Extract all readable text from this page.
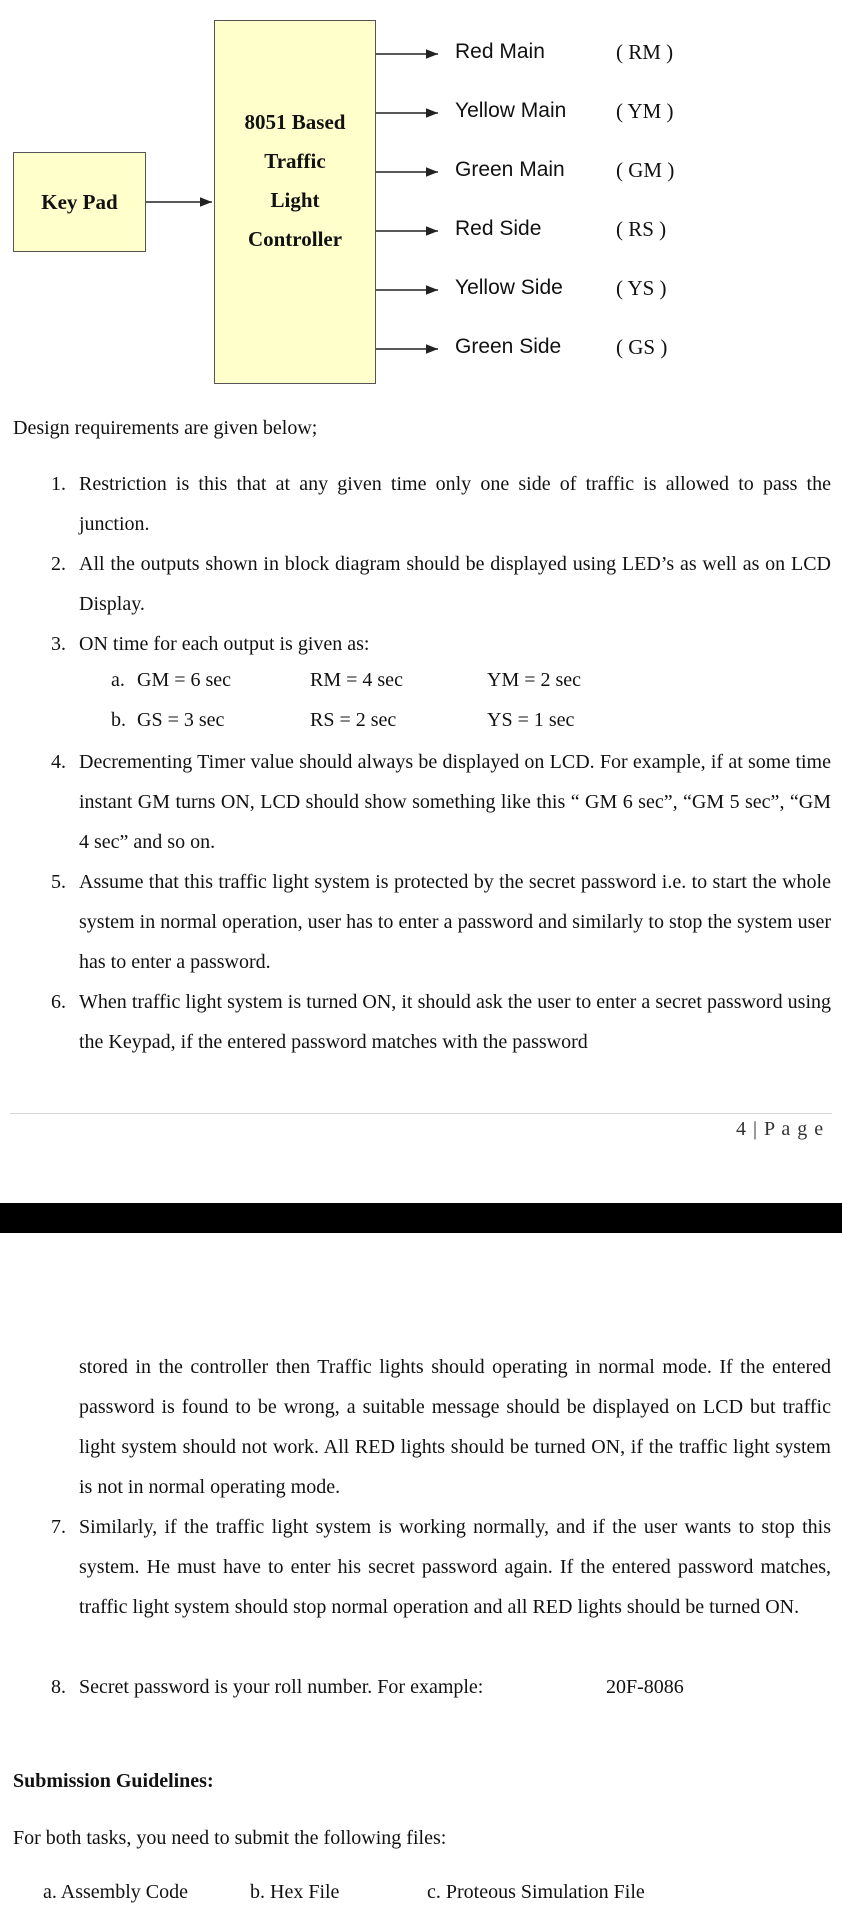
Key Pad
8051 Based
Traffic
Light
Controller
Red Main
Yellow Main
Green Main
Red Side
Yellow Side
Green Side
( RM )
( YM )
( GM )
( RS )
( YS )
( GS )
Design requirements are given below;
1. Restriction is this that at any given time only one side of traffic is allowed to pass the junction.
2. All the outputs shown in block diagram should be displayed using LED’s as well as on LCD Display.
3. ON time for each output is given as:
a. GM = 6 sec	RM = 4 sec	YM = 2 sec
b. GS = 3 sec	RS = 2 sec	YS = 1 sec
4. Decrementing Timer value should always be displayed on LCD. For example, if at some time instant GM turns ON, LCD should show something like this “ GM 6 sec”, “GM 5 sec”, “GM 4 sec” and so on.
5. Assume that this traffic light system is protected by the secret password i.e. to start the whole system in normal operation, user has to enter a password and similarly to stop the system user has to enter a password.
6. When traffic light system is turned ON, it should ask the user to enter a secret password using the Keypad, if the entered password matches with the password
4 | P a g e
stored in the controller then Traffic lights should operating in normal mode. If the entered password is found to be wrong, a suitable message should be displayed on LCD but traffic light system should not work. All RED lights should be turned ON, if the traffic light system is not in normal operating mode.
7. Similarly, if the traffic light system is working normally, and if the user wants to stop this system. He must have to enter his secret password again. If the entered password matches, traffic light system should stop normal operation and all RED lights should be turned ON.
8. Secret password is your roll number. For example:	20F-8086
Submission Guidelines:
For both tasks, you need to submit the following files:
a. Assembly Code	b. Hex File	c. Proteous Simulation File
